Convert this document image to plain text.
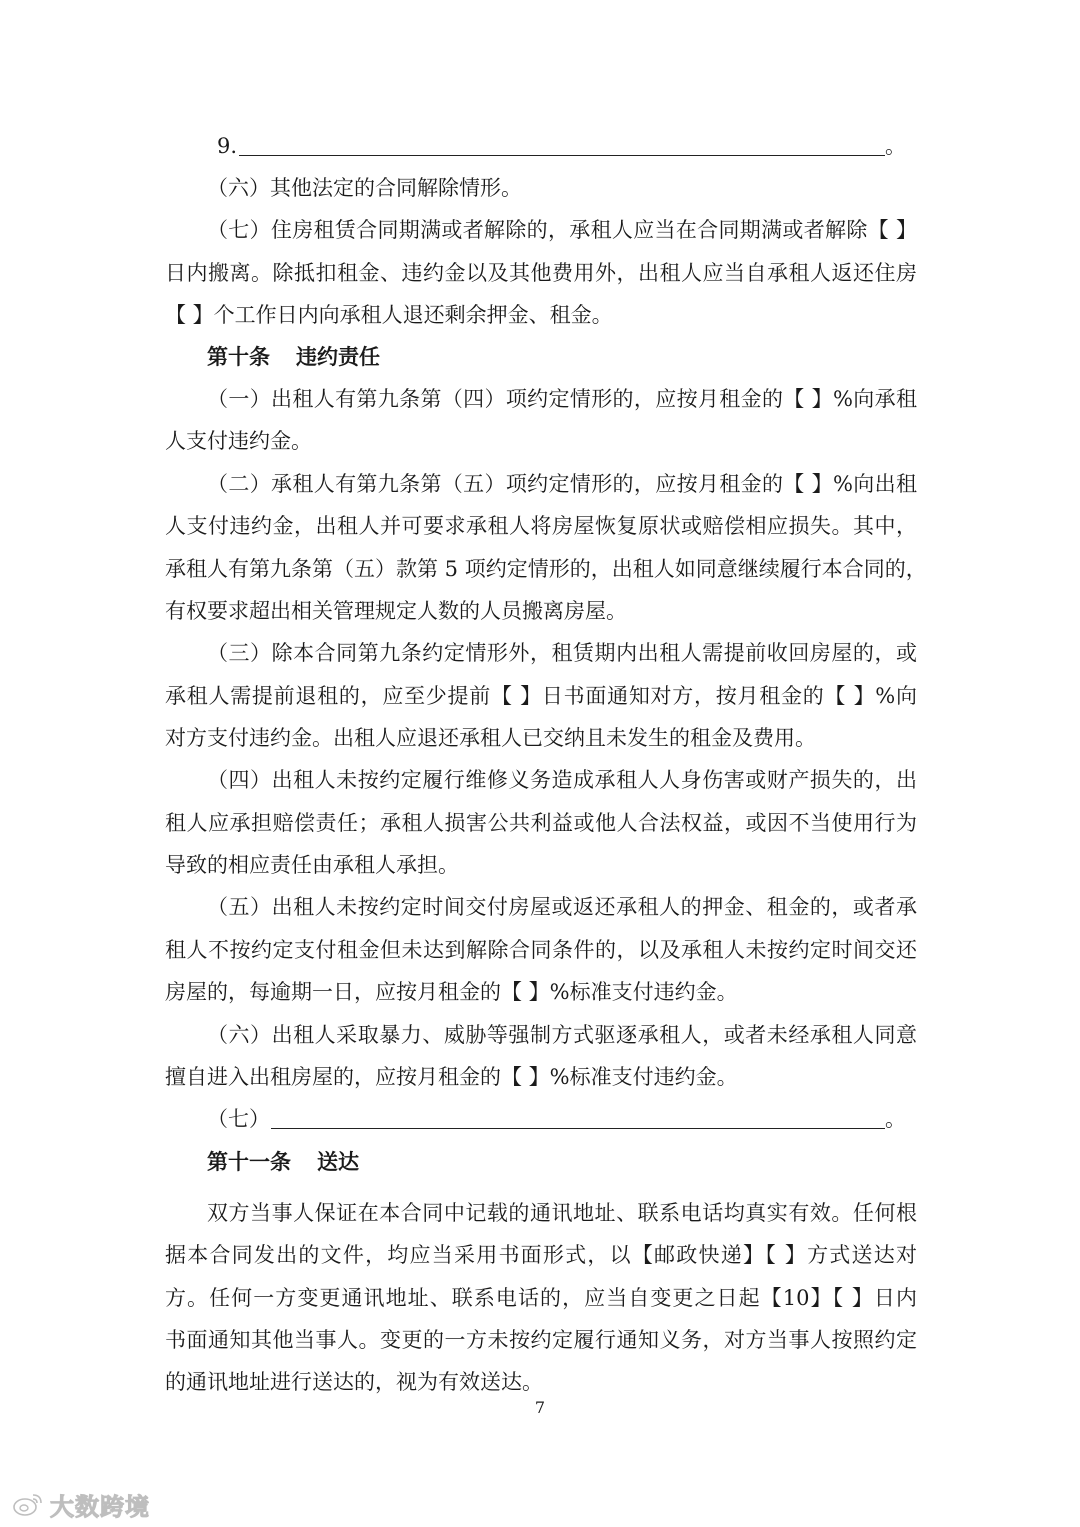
9.	。
（六）其他法定的合同解除情形。
（七）住房租赁合同期满或者解除的，承租人应当在合同期满或者解除【 】
日内搬离。除抵扣租金、违约金以及其他费用外，出租人应当自承租人返还住房
【 】个工作日内向承租人退还剩余押金、租金。
第十条 违约责任
（一）出租人有第九条第（四）项约定情形的，应按月租金的【 】%向承租
人支付违约金。
（二）承租人有第九条第（五）项约定情形的，应按月租金的【 】%向出租
人支付违约金，出租人并可要求承租人将房屋恢复原状或赔偿相应损失。其中，
承租人有第九条第（五）款第 5 项约定情形的，出租人如同意继续履行本合同的，
有权要求超出相关管理规定人数的人员搬离房屋。
（三）除本合同第九条约定情形外，租赁期内出租人需提前收回房屋的，或
承租人需提前退租的，应至少提前【 】日书面通知对方，按月租金的【 】%向
对方支付违约金。出租人应退还承租人已交纳且未发生的租金及费用。
（四）出租人未按约定履行维修义务造成承租人人身伤害或财产损失的，出
租人应承担赔偿责任；承租人损害公共利益或他人合法权益，或因不当使用行为
导致的相应责任由承租人承担。
（五）出租人未按约定时间交付房屋或返还承租人的押金、租金的，或者承
租人不按约定支付租金但未达到解除合同条件的，以及承租人未按约定时间交还
房屋的，每逾期一日，应按月租金的【 】%标准支付违约金。
（六）出租人采取暴力、威胁等强制方式驱逐承租人，或者未经承租人同意
擅自进入出租房屋的，应按月租金的【 】%标准支付违约金。
（七）	。
第十一条 送达
双方当事人保证在本合同中记载的通讯地址、联系电话均真实有效。任何根
据本合同发出的文件，均应当采用书面形式，以【邮政快递】【 】方式送达对
方。任何一方变更通讯地址、联系电话的，应当自变更之日起【10】【 】日内
书面通知其他当事人。变更的一方未按约定履行通知义务，对方当事人按照约定
的通讯地址进行送达的，视为有效送达。
7
大数跨境
